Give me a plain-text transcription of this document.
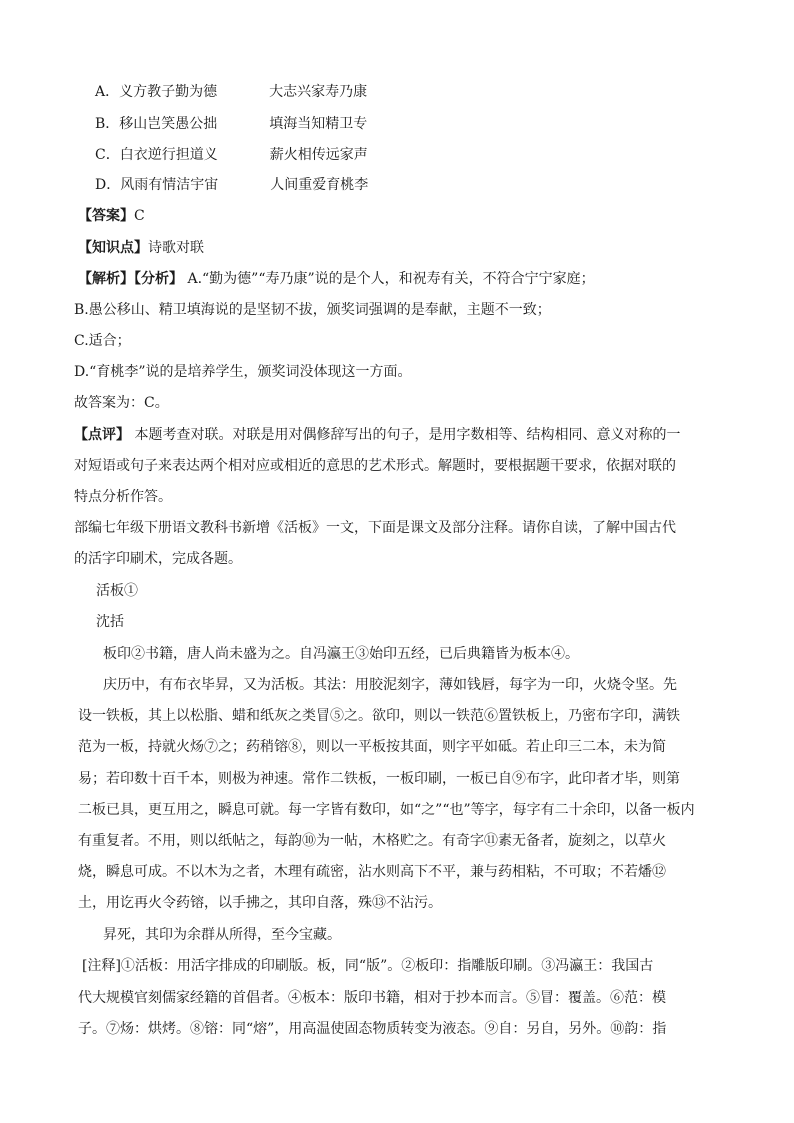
A．义方教子勤为德	大志兴家寿乃康
B．移山岂笑愚公拙	填海当知精卫专
C．白衣逆行担道义	薪火相传远家声
D．风雨有情洁宇宙	人间重爱育桃李
【答案】C
【知识点】诗歌对联
【解析】【分析】 A.“勤为德”“寿乃康”说的是个人，和祝寿有关，不符合宁宁家庭；
B.愚公移山、精卫填海说的是坚韧不拔，颁奖词强调的是奉献，主题不一致；
C.适合；
D.“育桃李”说的是培养学生，颁奖词没体现这一方面。
故答案为：C。
【点评】 本题考查对联。对联是用对偶修辞写出的句子，是用字数相等、结构相同、意义对称的一
对短语或句子来表达两个相对应或相近的意思的艺术形式。解题时，要根据题干要求，依据对联的
特点分析作答。
部编七年级下册语文教科书新增《活板》一文，下面是课文及部分注释。请你自读，了解中国古代
的活字印刷术，完成各题。
活板①
沈括
板印②书籍，唐人尚未盛为之。自冯瀛王③始印五经，已后典籍皆为板本④。
庆历中，有布衣毕昇，又为活板。其法：用胶泥刻字，薄如钱唇，每字为一印，火烧令坚。先
设一铁板，其上以松脂、蜡和纸灰之类冒⑤之。欲印，则以一铁范⑥置铁板上，乃密布字印，满铁
范为一板，持就火炀⑦之；药稍镕⑧，则以一平板按其面，则字平如砥。若止印三二本，未为简
易；若印数十百千本，则极为神速。常作二铁板，一板印刷，一板已自⑨布字，此印者才毕，则第
二板已具，更互用之，瞬息可就。每一字皆有数印，如“之”“也”等字，每字有二十余印，以备一板内
有重复者。不用，则以纸帖之，每韵⑩为一帖，木格贮之。有奇字⑪素无备者，旋刻之，以草火
烧，瞬息可成。不以木为之者，木理有疏密，沾水则高下不平，兼与药相粘，不可取；不若燔⑫
土，用讫再火令药镕，以手拂之，其印自落，殊⑬不沾污。
昇死，其印为余群从所得，至今宝藏。
[注释]①活板：用活字排成的印刷版。板，同“版”。②板印：指雕版印刷。③冯瀛王：我国古
代大规模官刻儒家经籍的首倡者。④板本：版印书籍，相对于抄本而言。⑤冒：覆盖。⑥范：模
子。⑦炀：烘烤。⑧镕：同“熔”，用高温使固态物质转变为液态。⑨自：另自，另外。⑩韵：指
